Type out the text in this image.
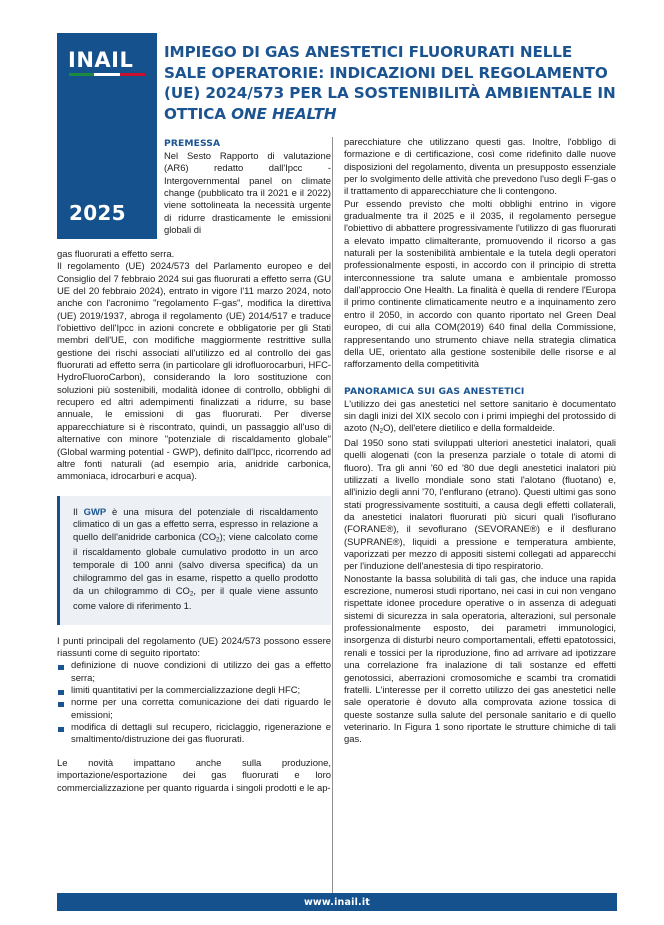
INAIL
2025
IMPIEGO DI GAS ANESTETICI FLUORURATI NELLE SALE OPERATORIE: INDICAZIONI DEL REGOLAMENTO (UE) 2024/573 PER LA SOSTENIBILITÀ AMBIENTALE IN OTTICA ONE HEALTH
PREMESSA

Nel Sesto Rapporto di valutazione (AR6) redatto dall'Ipcc - Intergovernmental panel on climate change (pubblicato tra il 2021 e il 2022) viene sottolineata la necessità urgente di ridurre drasticamente le emissioni globali di

gas fluorurati a effetto serra.

Il regolamento (UE) 2024/573 del Parlamento europeo e del Consiglio del 7 febbraio 2024 sui gas fluorurati a effetto serra (GU UE del 20 febbraio 2024), entrato in vigore l'11 marzo 2024, noto anche con l'acronimo "regolamento F-gas", modifica la direttiva (UE) 2019/1937, abroga il regolamento (UE) 2014/517 e traduce l'obiettivo dell'Ipcc in azioni concrete e obbligatorie per gli Stati membri dell'UE, con modifiche maggiormente restrittive sulla gestione dei rischi associati all'utilizzo ed al controllo dei gas fluorurati ad effetto serra (in particolare gli idrofluorocarburi, HFC-HydroFluoroCarbon), considerando la loro sostituzione con soluzioni più sostenibili, modalità idonee di controllo, obblighi di recupero ed altri adempimenti finalizzati a ridurre, su base annuale, le emissioni di gas fluorurati. Per diverse apparecchiature si è riscontrato, quindi, un passaggio all'uso di alternative con minore "potenziale di riscaldamento globale" (Global warming potential - GWP), definito dall'Ipcc, ricorrendo ad altre fonti naturali (ad esempio aria, anidride carbonica, ammoniaca, idrocarburi e acqua).

Il GWP è una misura del potenziale di riscaldamento climatico di un gas a effetto serra, espresso in relazione a quello dell'anidride carbonica $(CO_2)$; viene calcolato come il riscaldamento globale cumulativo prodotto in un arco temporale di 100 anni (salvo diversa specifica) da un chilogrammo del gas in esame, rispetto a quello prodotto da un chilogrammo di $CO_2$, per il quale viene assunto come valore di riferimento 1.

I punti principali del regolamento (UE) 2024/573 possono essere riassunti come di seguito riportato:

definizione di nuove condizioni di utilizzo dei gas a effetto serra;
limiti quantitativi per la commercializzazione degli HFC;
norme per una corretta comunicazione dei dati riguardo le emissioni;
modifica di dettagli sul recupero, riciclaggio, rigenerazione e smaltimento/distruzione dei gas fluorurati.

Le novità impattano anche sulla produzione, importazione/esportazione dei gas fluorurati e loro commercializzazione per quanto riguarda i singoli prodotti e le ap-

parecchiature che utilizzano questi gas. Inoltre, l'obbligo di formazione e di certificazione, così come ridefinito dalle nuove disposizioni del regolamento, diventa un presupposto essenziale per lo svolgimento delle attività che prevedono l'uso degli F-gas o il trattamento di apparecchiature che li contengono.

Pur essendo previsto che molti obblighi entrino in vigore gradualmente tra il 2025 e il 2035, il regolamento persegue l'obiettivo di abbattere progressivamente l'utilizzo di gas fluorurati a elevato impatto climalterante, promuovendo il ricorso a gas naturali per la sostenibilità ambientale e la tutela degli operatori professionalmente esposti, in accordo con il principio di stretta interconnessione tra salute umana e ambientale promosso dall'approccio One Health. La finalità è quella di rendere l'Europa il primo continente climaticamente neutro e a inquinamento zero entro il 2050, in accordo con quanto riportato nel Green Deal europeo, di cui alla COM(2019) 640 final della Commissione, rappresentando uno strumento chiave nella strategia climatica della UE, orientato alla gestione sostenibile delle risorse e al rafforzamento della competitività

PANORAMICA SUI GAS ANESTETICI

L'utilizzo dei gas anestetici nel settore sanitario è documentato sin dagli inizi del XIX secolo con i primi impieghi del protossido di azoto $(N_2O)$, dell'etere dietilico e della formaldeide.

Dal 1950 sono stati sviluppati ulteriori anestetici inalatori, quali quelli alogenati (con la presenza parziale o totale di atomi di fluoro). Tra gli anni '60 ed '80 due degli anestetici inalatori più utilizzati a livello mondiale sono stati l'alotano (fluotano) e, all'inizio degli anni '70, l'enflurano (etrano). Questi ultimi gas sono stati progressivamente sostituiti, a causa degli effetti collaterali, da anestetici inalatori fluorurati più sicuri quali l'isoflurano (FORANE®), il sevoflurano (SEVORANE®) e il desflurano (SUPRANE®), liquidi a pressione e temperatura ambiente, vaporizzati per mezzo di appositi sistemi collegati ad apparecchi per l'induzione dell'anestesia di tipo respiratorio.

Nonostante la bassa solubilità di tali gas, che induce una rapida escrezione, numerosi studi riportano, nei casi in cui non vengano rispettate idonee procedure operative o in assenza di adeguati sistemi di sicurezza in sala operatoria, alterazioni, sul personale professionalmente esposto, dei parametri immunologici, insorgenza di disturbi neuro comportamentali, effetti epatotossici, renali e tossici per la riproduzione, fino ad arrivare ad ipotizzare una correlazione fra inalazione di tali sostanze ed effetti genotossici, aberrazioni cromosomiche e scambi tra cromatidi fratelli. L'interesse per il corretto utilizzo dei gas anestetici nelle sale operatorie è dovuto alla comprovata azione tossica di queste sostanze sulla salute del personale sanitario e di quello veterinario. In Figura 1 sono riportate le strutture chimiche di tali gas.

www.inail.it
